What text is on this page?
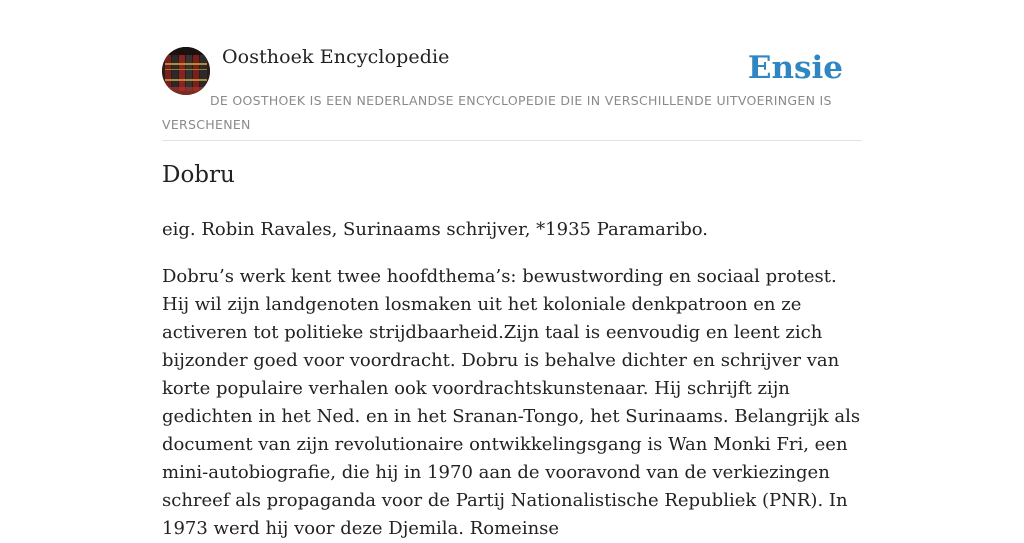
Oosthoek Encyclopedie	Ensie
DE OOSTHOEK IS EEN NEDERLANDSE ENCYCLOPEDIE DIE IN VERSCHILLENDE UITVOERINGEN IS VERSCHENEN
Dobru

eig. Robin Ravales, Surinaams schrijver, *1935 Paramaribo.

Dobru’s werk kent twee hoofdthema’s: bewustwording en sociaal protest. Hij wil zijn landgenoten losmaken uit het koloniale denkpatroon en ze activeren tot politieke strijdbaarheid.Zijn taal is eenvoudig en leent zich bijzonder goed voor voordracht. Dobru is behalve dichter en schrijver van korte populaire verhalen ook voordrachtskunstenaar. Hij schrijft zijn gedichten in het Ned. en in het Sranan-Tongo, het Surinaams. Belangrijk als document van zijn revolutionaire ontwikkelingsgang is Wan Monki Fri, een mini-autobiografie, die hij in 1970 aan de vooravond van de verkiezingen schreef als propaganda voor de Partij Nationalistische Republiek (PNR). In 1973 werd hij voor deze Djemila. Romeinse
